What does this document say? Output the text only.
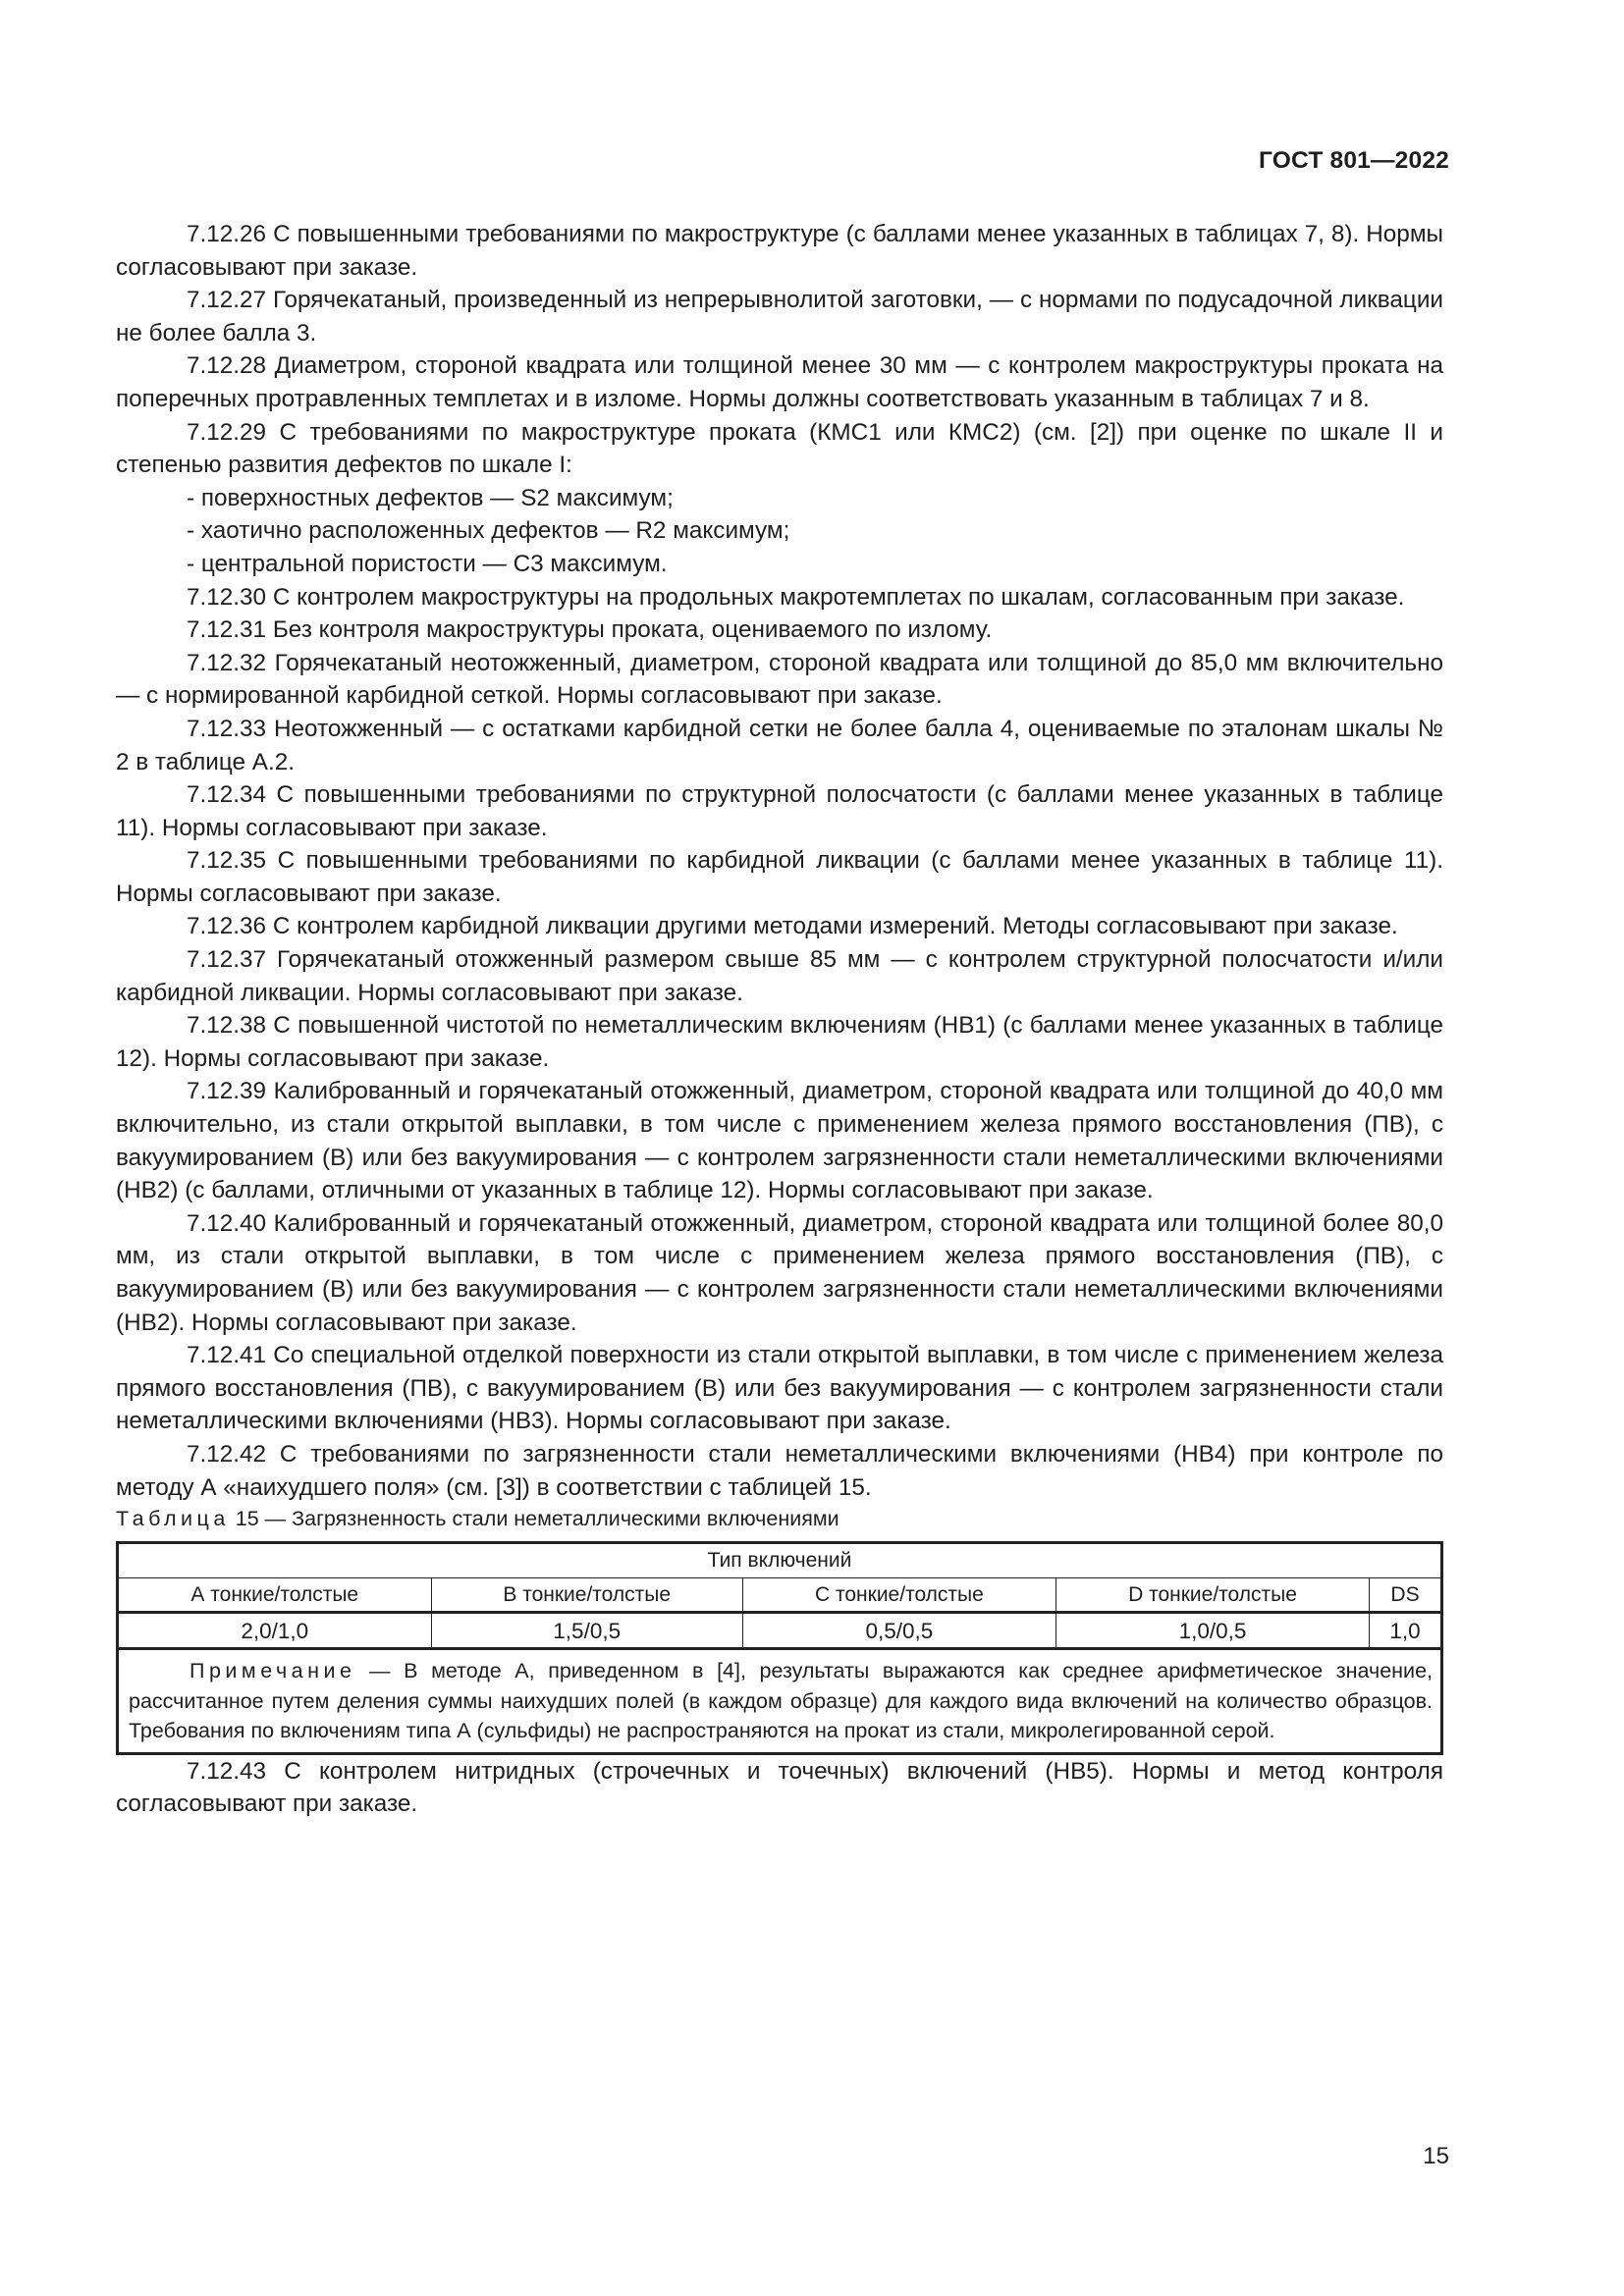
ГОСТ 801—2022

7.12.26 С повышенными требованиями по макроструктуре (с баллами менее указанных в таблицах 7, 8). Нормы согласовывают при заказе.

7.12.27 Горячекатаный, произведенный из непрерывнолитой заготовки, — с нормами по подусадочной ликвации не более балла 3.

7.12.28 Диаметром, стороной квадрата или толщиной менее 30 мм — с контролем макроструктуры проката на поперечных протравленных темплетах и в изломе. Нормы должны соответствовать указанным в таблицах 7 и 8.

7.12.29 С требованиями по макроструктуре проката (КМС1 или КМС2) (см. [2]) при оценке по шкале II и степенью развития дефектов по шкале I:

- поверхностных дефектов — S2 максимум;

- хаотично расположенных дефектов — R2 максимум;

- центральной пористости — C3 максимум.

7.12.30 С контролем макроструктуры на продольных макротемплетах по шкалам, согласованным при заказе.

7.12.31 Без контроля макроструктуры проката, оцениваемого по излому.

7.12.32 Горячекатаный неотожженный, диаметром, стороной квадрата или толщиной до 85,0 мм включительно — с нормированной карбидной сеткой. Нормы согласовывают при заказе.

7.12.33 Неотожженный — с остатками карбидной сетки не более балла 4, оцениваемые по эталонам шкалы № 2 в таблице А.2.

7.12.34 С повышенными требованиями по структурной полосчатости (с баллами менее указанных в таблице 11). Нормы согласовывают при заказе.

7.12.35 С повышенными требованиями по карбидной ликвации (с баллами менее указанных в таблице 11). Нормы согласовывают при заказе.

7.12.36 С контролем карбидной ликвации другими методами измерений. Методы согласовывают при заказе.

7.12.37 Горячекатаный отожженный размером свыше 85 мм — с контролем структурной полосчатости и/или карбидной ликвации. Нормы согласовывают при заказе.

7.12.38 С повышенной чистотой по неметаллическим включениям (НВ1) (с баллами менее указанных в таблице 12). Нормы согласовывают при заказе.

7.12.39 Калиброванный и горячекатаный отожженный, диаметром, стороной квадрата или толщиной до 40,0 мм включительно, из стали открытой выплавки, в том числе с применением железа прямого восстановления (ПВ), с вакуумированием (В) или без вакуумирования — с контролем загрязненности стали неметаллическими включениями (НВ2) (с баллами, отличными от указанных в таблице 12). Нормы согласовывают при заказе.

7.12.40 Калиброванный и горячекатаный отожженный, диаметром, стороной квадрата или толщиной более 80,0 мм, из стали открытой выплавки, в том числе с применением железа прямого восстановления (ПВ), с вакуумированием (В) или без вакуумирования — с контролем загрязненности стали неметаллическими включениями (НВ2). Нормы согласовывают при заказе.

7.12.41 Со специальной отделкой поверхности из стали открытой выплавки, в том числе с применением железа прямого восстановления (ПВ), с вакуумированием (В) или без вакуумирования — с контролем загрязненности стали неметаллическими включениями (НВ3). Нормы согласовывают при заказе.

7.12.42 С требованиями по загрязненности стали неметаллическими включениями (НВ4) при контроле по методу А «наихудшего поля» (см. [3]) в соответствии с таблицей 15.

Таблица 15 — Загрязненность стали неметаллическими включениями

Тип включений				
А тонкие/толстые	В тонкие/толстые	С тонкие/толстые	D тонкие/толстые	DS
2,0/1,0	1,5/0,5	0,5/0,5	1,0/0,5	1,0

Примечание — В методе А, приведенном в [4], результаты выражаются как среднее арифметическое значение, рассчитанное путем деления суммы наихудших полей (в каждом образце) для каждого вида включений на количество образцов. Требования по включениям типа А (сульфиды) не распространяются на прокат из стали, микролегированной серой.				

7.12.43 С контролем нитридных (строчечных и точечных) включений (НВ5). Нормы и метод контроля согласовывают при заказе.

15
